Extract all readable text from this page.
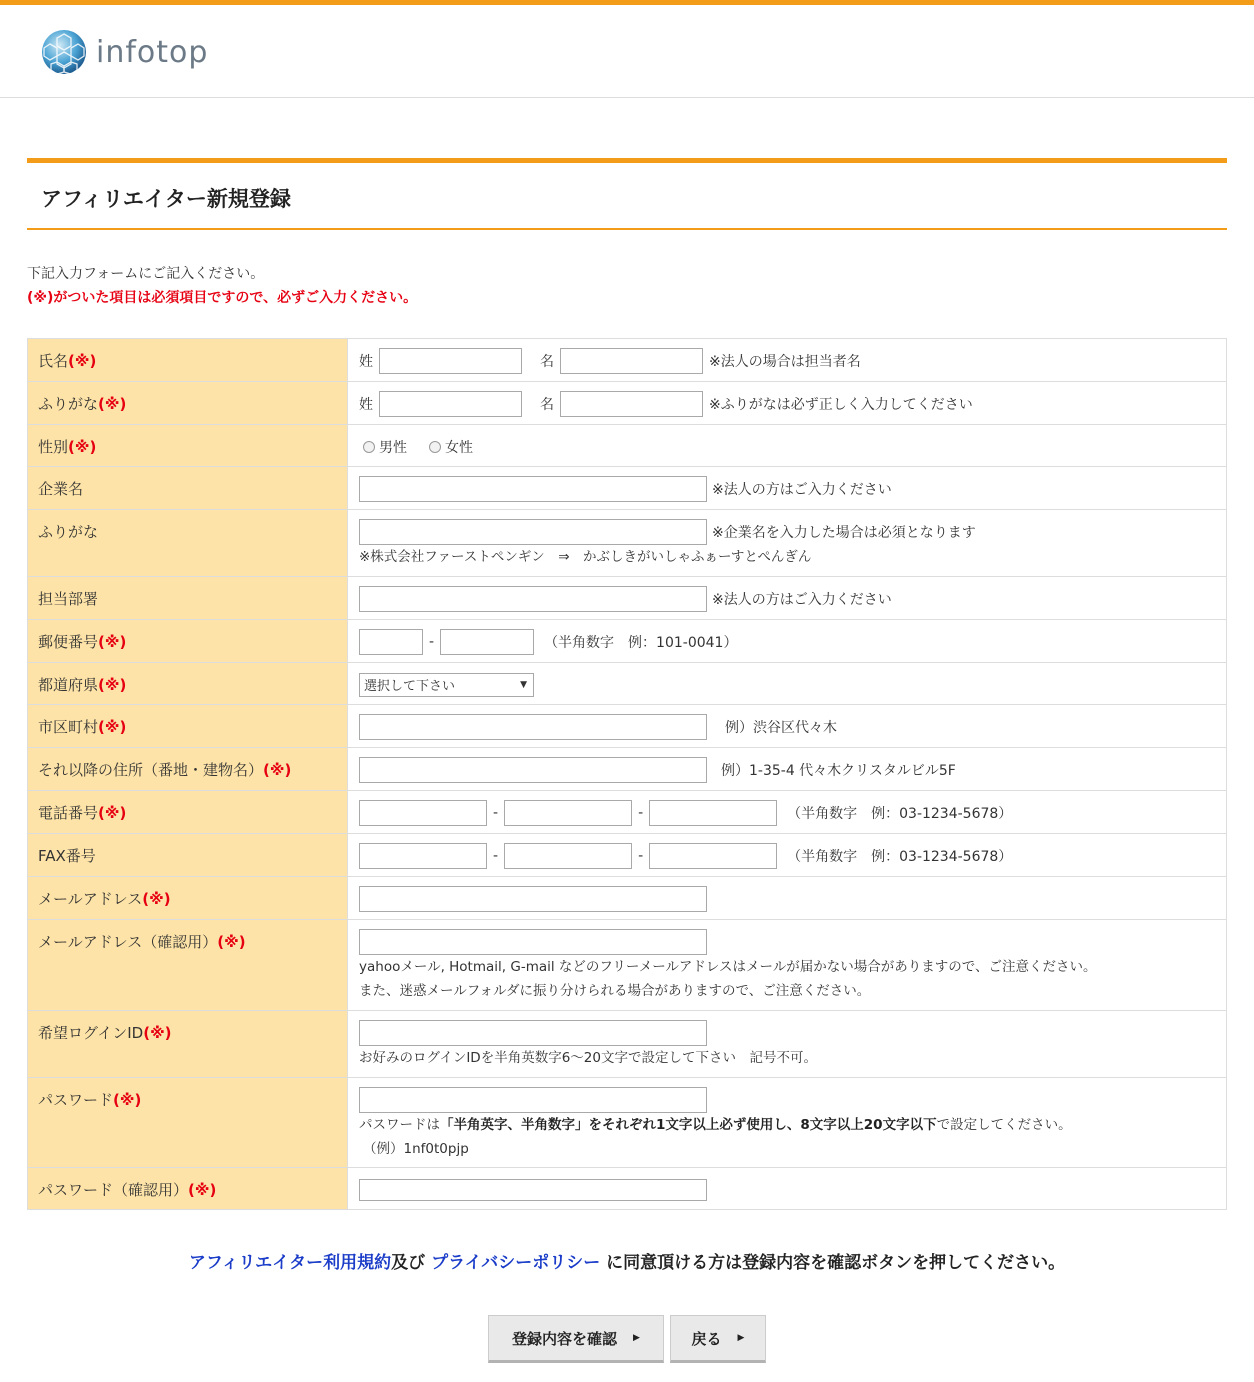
infotop
アフィリエイター新規登録
下記入力フォームにご記入ください。
(※)がついた項目は必須項目ですので、必ずご入力ください。
氏名(※)	姓 名 ※法人の場合は担当者名

ふりがな(※)	姓 名 ※ふりがなは必ず正しく入力してください

性別(※)	男性 女性

企業名	※法人の方はご入力ください

ふりがな	※企業名を入力した場合は必須となります
※株式会社ファーストペンギン　⇒　かぶしきがいしゃふぁーすとぺんぎん

担当部署	※法人の方はご入力ください

郵便番号(※)	- （半角数字　例：101-0041）

都道府県(※)	選択して下さい ▼

市区町村(※)	例）渋谷区代々木

それ以降の住所（番地・建物名）(※)	例）1-35-4 代々木クリスタルビル5F

電話番号(※)	- - （半角数字　例：03-1234-5678）

FAX番号	- - （半角数字　例：03-1234-5678）

メールアドレス(※)	

メールアドレス（確認用）(※)	yahooメール, Hotmail, G-mail などのフリーメールアドレスはメールが届かない場合がありますので、ご注意ください。
また、迷惑メールフォルダに振り分けられる場合がありますので、ご注意ください。

希望ログインID(※)	お好みのログインIDを半角英数字6～20文字で設定して下さい　記号不可。

パスワード(※)	パスワードは「半角英字、半角数字」をそれぞれ1文字以上必ず使用し、8文字以上20文字以下で設定してください。
（例）1nf0t0pjp

パスワード（確認用）(※)	
アフィリエイター利用規約及び プライバシーポリシー に同意頂ける方は登録内容を確認ボタンを押してください。
登録内容を確認 ▶	戻る ▶
